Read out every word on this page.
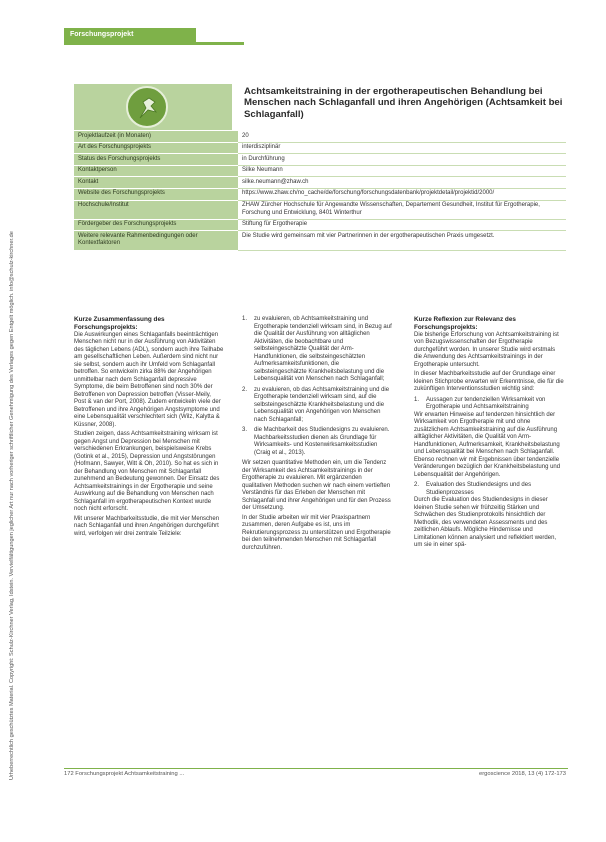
Urheberrechtlich geschütztes Material. Copyright: Schulz-Kirchner Verlag, Idstein. Vervielfältigungen jeglicher Art nur nach vorheriger schriftlicher Genehmigung des Verlages gegen Entgelt möglich. info@schulz-kirchner.de
Forschungsprojekt
Achtsamkeitstraining in der ergotherapeutischen Behandlung bei Menschen nach Schlaganfall und ihren Angehörigen (Achtsamkeit bei Schlaganfall)
Projektlaufzeit (in Monaten)	20
Art des Forschungsprojekts	interdisziplinär
Status des Forschungsprojekts	in Durchführung
Kontaktperson	Silke Neumann
Kontakt	silke.neumann@zhaw.ch
Website des Forschungsprojekts	https://www.zhaw.ch/no_cache/de/forschung/forschungsdatenbank/projektdetail/projektid/2000/
Hochschule/Institut	ZHAW Zürcher Hochschule für Angewandte Wissenschaften, Departement Gesundheit, Institut für Ergotherapie, Forschung und Entwicklung, 8401 Winterthur
Fördergeber des Forschungsprojekts	Stiftung für Ergotherapie
Weitere relevante Rahmenbedingungen oder Kontextfaktoren	Die Studie wird gemeinsam mit vier Partnerinnen in der ergotherapeutischen Praxis umgesetzt.
Kurze Zusammenfassung des Forschungsprojekts:

Die Auswirkungen eines Schlaganfalls beeinträchtigen Menschen nicht nur in der Ausführung von Aktivitäten des täglichen Lebens (ADL), sondern auch ihre Teilhabe am gesellschaftlichen Leben. Außerdem sind nicht nur sie selbst, sondern auch ihr Umfeld vom Schlaganfall betroffen. So entwickeln zirka 88% der Angehörigen unmittelbar nach dem Schlaganfall depressive Symptome, die beim Betroffenen sind noch 30% der Betroffenen von Depression betroffen (Visser-Meily, Post & van der Port, 2008). Zudem entwickeln viele der Betroffenen und ihre Angehörigen Angstsymptome und eine Lebensqualität verschlechtert sich (Wilz, Kalytta & Küssner, 2008).

Studien zeigen, dass Achtsamkeitstraining wirksam ist gegen Angst und Depression bei Menschen mit verschiedenen Erkrankungen, beispielsweise Krebs (Gotink et al., 2015), Depression und Angststörungen (Hofmann, Sawyer, Witt & Oh, 2010). So hat es sich in der Behandlung von Menschen mit Schlaganfall zunehmend an Bedeutung gewonnen. Der Einsatz des Achtsamkeitstrainings in der Ergotherapie und seine Auswirkung auf die Behandlung von Menschen nach Schlaganfall im ergotherapeutischen Kontext wurde noch nicht erforscht.

Mit unserer Machbarkeitsstudie, die mit vier Menschen nach Schlaganfall und ihren Angehörigen durchgeführt wird, verfolgen wir drei zentrale Teilziele:

1.	zu evaluieren, ob Achtsamkeitstraining und Ergotherapie tendenziell wirksam sind, in Bezug auf die Qualität der Ausführung von alltäglichen Aktivitäten, die beobachtbare und selbsteingeschätzte Qualität der Arm-Handfunktionen, die selbsteingeschätzten Aufmerksamkeitsfunktionen, die selbsteingeschätzte Krankheitsbelastung und die Lebensqualität von Menschen nach Schlaganfall;
2.	zu evaluieren, ob das Achtsamkeitstraining und die Ergotherapie tendenziell wirksam sind, auf die selbsteingeschätzte Krankheitsbelastung und die Lebensqualität von Angehörigen von Menschen nach Schlaganfall;
3.	die Machbarkeit des Studiendesigns zu evaluieren. Machbarkeitsstudien dienen als Grundlage für Wirksamkeits- und Kostenwirksamkeitsstudien (Craig et al., 2013).

Wir setzen quantitative Methoden ein, um die Tendenz der Wirksamkeit des Achtsamkeitstrainings in der Ergotherapie zu evaluieren. Mit ergänzenden qualitativen Methoden suchen wir nach einem vertieften Verständnis für das Erleben der Menschen mit Schlaganfall und ihrer Angehörigen und für den Prozess der Umsetzung.

In der Studie arbeiten wir mit vier Praxispartnern zusammen, deren Aufgabe es ist, uns im Rekrutierungsprozess zu unterstützen und Ergotherapie bei den teilnehmenden Menschen mit Schlaganfall durchzuführen.

Kurze Reflexion zur Relevanz des Forschungsprojekts:

Die bisherige Erforschung von Achtsamkeitstraining ist von Bezugswissenschaften der Ergotherapie durchgeführt worden. In unserer Studie wird erstmals die Anwendung des Achtsamkeitstrainings in der Ergotherapie untersucht.

In dieser Machbarkeitsstudie auf der Grundlage einer kleinen Stichprobe erwarten wir Erkenntnisse, die für die zukünftigen Interventionsstudien wichtig sind:

1.	Aussagen zur tendenziellen Wirksamkeit von Ergotherapie und Achtsamkeitstraining

Wir erwarten Hinweise auf tendenzen hinsichtlich der Wirksamkeit von Ergotherapie mit und ohne zusätzlichem Achtsamkeitstraining auf die Ausführung alltäglicher Aktivitäten, die Qualität von Arm-Handfunktionen, Aufmerksamkeit, Krankheitsbelastung und Lebensqualität bei Menschen nach Schlaganfall. Ebenso rechnen wir mit Ergebnissen über tendenzielle Veränderungen bezüglich der Krankheitsbelastung und Lebensqualität der Angehörigen.

2.	Evaluation des Studiendesigns und des Studienprozesses

Durch die Evaluation des Studiendesigns in dieser kleinen Studie sehen wir frühzeitig Stärken und Schwächen des Studienprotokolls hinsichtlich der Methodik, des verwendeten Assessments und des zeitlichen Ablaufs. Mögliche Hindernisse und Limitationen können analysiert und reflektiert werden, um sie in einer spä-

172 Forschungsprojekt Achtsamkeitstraining ...	ergoscience 2018, 13 (4) 172-173
